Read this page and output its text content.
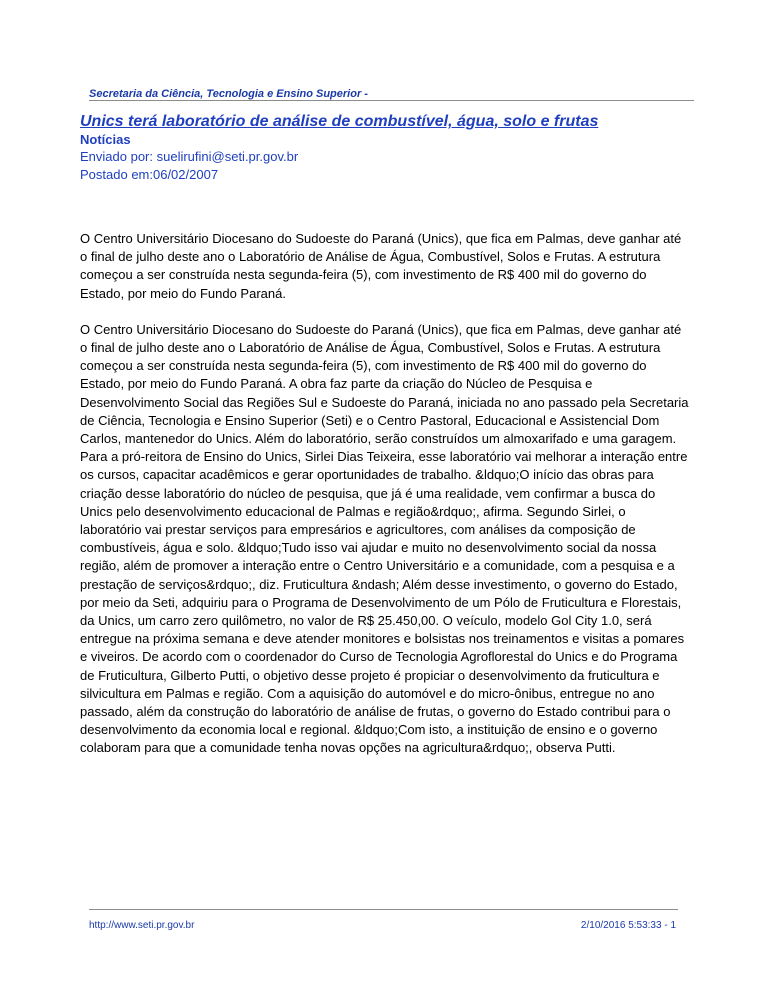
Secretaria da Ciência, Tecnologia e Ensino Superior -
Unics terá laboratório de análise de combustível, água, solo e frutas
Notícias
Enviado por: suelirufini@seti.pr.gov.br
Postado em:06/02/2007

O Centro Universitário Diocesano do Sudoeste do Paraná (Unics), que fica em Palmas, deve ganhar até o final de julho deste ano o Laboratório de Análise de Água, Combustível, Solos e Frutas. A estrutura começou a ser construída nesta segunda-feira (5), com investimento de R$ 400 mil do governo do Estado, por meio do Fundo Paraná.

O Centro Universitário Diocesano do Sudoeste do Paraná (Unics), que fica em Palmas, deve ganhar até o final de julho deste ano o Laboratório de Análise de Água, Combustível, Solos e Frutas. A estrutura começou a ser construída nesta segunda-feira (5), com investimento de R$ 400 mil do governo do Estado, por meio do Fundo Paraná. A obra faz parte da criação do Núcleo de Pesquisa e Desenvolvimento Social das Regiões Sul e Sudoeste do Paraná, iniciada no ano passado pela Secretaria de Ciência, Tecnologia e Ensino Superior (Seti) e o Centro Pastoral, Educacional e Assistencial Dom Carlos, mantenedor do Unics. Além do laboratório, serão construídos um almoxarifado e uma garagem. Para a pró-reitora de Ensino do Unics, Sirlei Dias Teixeira, esse laboratório vai melhorar a interação entre os cursos, capacitar acadêmicos e gerar oportunidades de trabalho. &ldquo;O início das obras para criação desse laboratório do núcleo de pesquisa, que já é uma realidade, vem confirmar a busca do Unics pelo desenvolvimento educacional de Palmas e região&rdquo;, afirma. Segundo Sirlei, o laboratório vai prestar serviços para empresários e agricultores, com análises da composição de combustíveis, água e solo. &ldquo;Tudo isso vai ajudar e muito no desenvolvimento social da nossa região, além de promover a interação entre o Centro Universitário e a comunidade, com a pesquisa e a prestação de serviços&rdquo;, diz. Fruticultura &ndash; Além desse investimento, o governo do Estado, por meio da Seti, adquiriu para o Programa de Desenvolvimento de um Pólo de Fruticultura e Florestais, da Unics, um carro zero quilômetro, no valor de R$ 25.450,00. O veículo, modelo Gol City 1.0, será entregue na próxima semana e deve atender monitores e bolsistas nos treinamentos e visitas a pomares e viveiros. De acordo com o coordenador do Curso de Tecnologia Agroflorestal do Unics e do Programa de Fruticultura, Gilberto Putti, o objetivo desse projeto é propiciar o desenvolvimento da fruticultura e silvicultura em Palmas e região. Com a aquisição do automóvel e do micro-ônibus, entregue no ano passado, além da construção do laboratório de análise de frutas, o governo do Estado contribui para o desenvolvimento da economia local e regional. &ldquo;Com isto, a instituição de ensino e o governo colaboram para que a comunidade tenha novas opções na agricultura&rdquo;, observa Putti.

http://www.seti.pr.gov.br	2/10/2016 5:53:33 - 1
